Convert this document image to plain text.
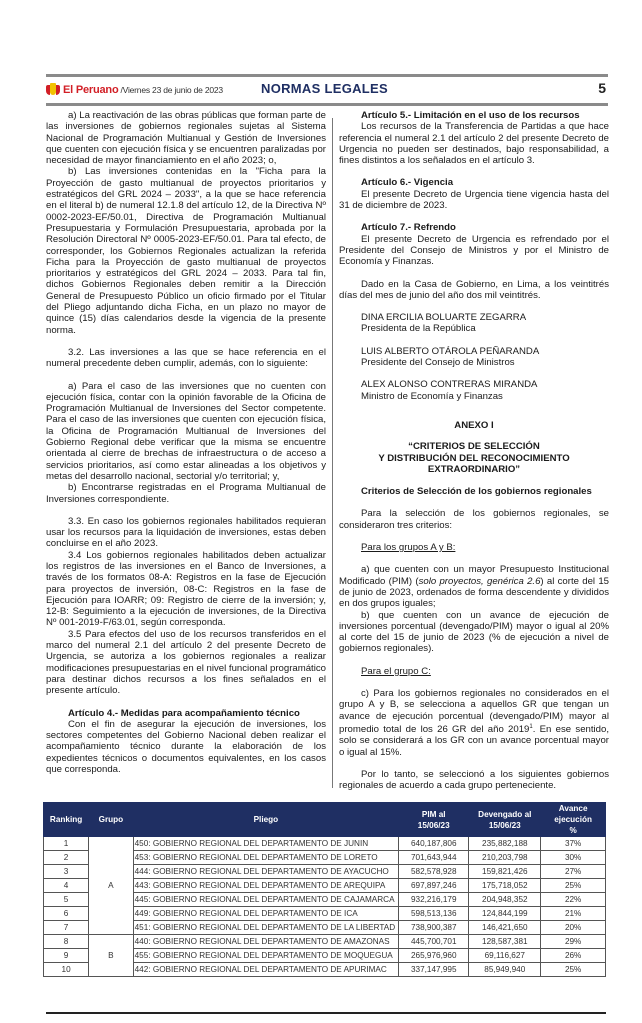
El Peruano /Viernes 23 de junio de 2023	NORMAS LEGALES	5

a) La reactivación de las obras públicas que forman parte de las inversiones de gobiernos regionales sujetas al Sistema Nacional de Programación Multianual y Gestión de Inversiones que cuenten con ejecución física y se encuentren paralizadas por necesidad de mayor financiamiento en el año 2023; o,

b) Las inversiones contenidas en la "Ficha para la Proyección de gasto multianual de proyectos prioritarios y estratégicos del GRL 2024 – 2033", a la que se hace referencia en el literal b) de numeral 12.1.8 del artículo 12, de la Directiva Nº 0002-2023-EF/50.01, Directiva de Programación Multianual Presupuestaria y Formulación Presupuestaria, aprobada por la Resolución Directoral Nº 0005-2023-EF/50.01. Para tal efecto, de corresponder, los Gobiernos Regionales actualizan la referida Ficha para la Proyección de gasto multianual de proyectos prioritarios y estratégicos del GRL 2024 – 2033. Para tal fin, dichos Gobiernos Regionales deben remitir a la Dirección General de Presupuesto Público un oficio firmado por el Titular del Pliego adjuntando dicha Ficha, en un plazo no mayor de quince (15) días calendarios desde la vigencia de la presente norma.

3.2. Las inversiones a las que se hace referencia en el numeral precedente deben cumplir, además, con lo siguiente:

a) Para el caso de las inversiones que no cuenten con ejecución física, contar con la opinión favorable de la Oficina de Programación Multianual de Inversiones del Sector competente. Para el caso de las inversiones que cuenten con ejecución física, la Oficina de Programación Multianual de Inversiones del Gobierno Regional debe verificar que la misma se encuentre orientada al cierre de brechas de infraestructura o de acceso a servicios prioritarios, así como estar alineadas a los objetivos y metas del desarrollo nacional, sectorial y/o territorial; y,

b) Encontrarse registradas en el Programa Multianual de Inversiones correspondiente.

3.3. En caso los gobiernos regionales habilitados requieran usar los recursos para la liquidación de inversiones, estas deben concluirse en el año 2023.

3.4 Los gobiernos regionales habilitados deben actualizar los registros de las inversiones en el Banco de Inversiones, a través de los formatos 08-A: Registros en la fase de Ejecución para proyectos de inversión, 08-C: Registros en la fase de Ejecución para IOARR; 09: Registro de cierre de la inversión; y, 12-B: Seguimiento a la ejecución de inversiones, de la Directiva Nº 001-2019-F/63.01, según corresponda.

3.5 Para efectos del uso de los recursos transferidos en el marco del numeral 2.1 del artículo 2 del presente Decreto de Urgencia, se autoriza a los gobiernos regionales a realizar modificaciones presupuestarias en el nivel funcional programático para destinar dichos recursos a los fines señalados en el presente artículo.

Artículo 4.- Medidas para acompañamiento técnico

Con el fin de asegurar la ejecución de inversiones, los sectores competentes del Gobierno Nacional deben realizar el acompañamiento técnico durante la elaboración de los expedientes técnicos o documentos equivalentes, en los casos que corresponda.

Artículo 5.- Limitación en el uso de los recursos

Los recursos de la Transferencia de Partidas a que hace referencia el numeral 2.1 del artículo 2 del presente Decreto de Urgencia no pueden ser destinados, bajo responsabilidad, a fines distintos a los señalados en el artículo 3.

Artículo 6.- Vigencia

El presente Decreto de Urgencia tiene vigencia hasta del 31 de diciembre de 2023.

Artículo 7.- Refrendo

El presente Decreto de Urgencia es refrendado por el Presidente del Consejo de Ministros y por el Ministro de Economía y Finanzas.

Dado en la Casa de Gobierno, en Lima, a los veintitrés días del mes de junio del año dos mil veintitrés.

DINA ERCILIA BOLUARTE ZEGARRA
Presidenta de la República

LUIS ALBERTO OTÁROLA PEÑARANDA
Presidente del Consejo de Ministros

ALEX ALONSO CONTRERAS MIRANDA
Ministro de Economía y Finanzas

ANEXO I

“CRITERIOS DE SELECCIÓN
Y DISTRIBUCIÓN DEL RECONOCIMIENTO
EXTRAORDINARIO”

Criterios de Selección de los gobiernos regionales

Para la selección de los gobiernos regionales, se consideraron tres criterios:

Para los grupos A y B:

a) que cuenten con un mayor Presupuesto Institucional Modificado (PIM) (solo proyectos, genérica 2.6) al corte del 15 de junio de 2023, ordenados de forma descendente y divididos en dos grupos iguales;

b) que cuenten con un avance de ejecución de inversiones porcentual (devengado/PIM) mayor o igual al 20% al corte del 15 de junio de 2023 (% de ejecución a nivel de gobiernos regionales).

Para el grupo C:

c) Para los gobiernos regionales no considerados en el grupo A y B, se selecciona a aquellos GR que tengan un avance de ejecución porcentual (devengado/PIM) mayor al promedio total de los 26 GR del año 2019$^1$. En ese sentido, solo se considerará a los GR con un avance porcentual mayor o igual al 15%.

Por lo tanto, se seleccionó a los siguientes gobiernos regionales de acuerdo a cada grupo perteneciente.

Ranking	Grupo	Pliego	PIM al
15/06/23	Devengado al
15/06/23	Avance ejecución
%
1	A	450: GOBIERNO REGIONAL DEL DEPARTAMENTO DE JUNIN	640,187,806	235,882,188	37%
2		453: GOBIERNO REGIONAL DEL DEPARTAMENTO DE LORETO	701,643,944	210,203,798	30%
3		444: GOBIERNO REGIONAL DEL DEPARTAMENTO DE AYACUCHO	582,578,928	159,821,426	27%
4		443: GOBIERNO REGIONAL DEL DEPARTAMENTO DE AREQUIPA	697,897,246	175,718,052	25%
5		445: GOBIERNO REGIONAL DEL DEPARTAMENTO DE CAJAMARCA	932,216,179	204,948,352	22%
6		449: GOBIERNO REGIONAL DEL DEPARTAMENTO DE ICA	598,513,136	124,844,199	21%
7		451: GOBIERNO REGIONAL DEL DEPARTAMENTO DE LA LIBERTAD	738,900,387	146,421,650	20%
8	B	440: GOBIERNO REGIONAL DEL DEPARTAMENTO DE AMAZONAS	445,700,701	128,587,381	29%
9		455: GOBIERNO REGIONAL DEL DEPARTAMENTO DE MOQUEGUA	265,976,960	69,116,627	26%
10		442: GOBIERNO REGIONAL DEL DEPARTAMENTO DE APURIMAC	337,147,995	85,949,940	25%
